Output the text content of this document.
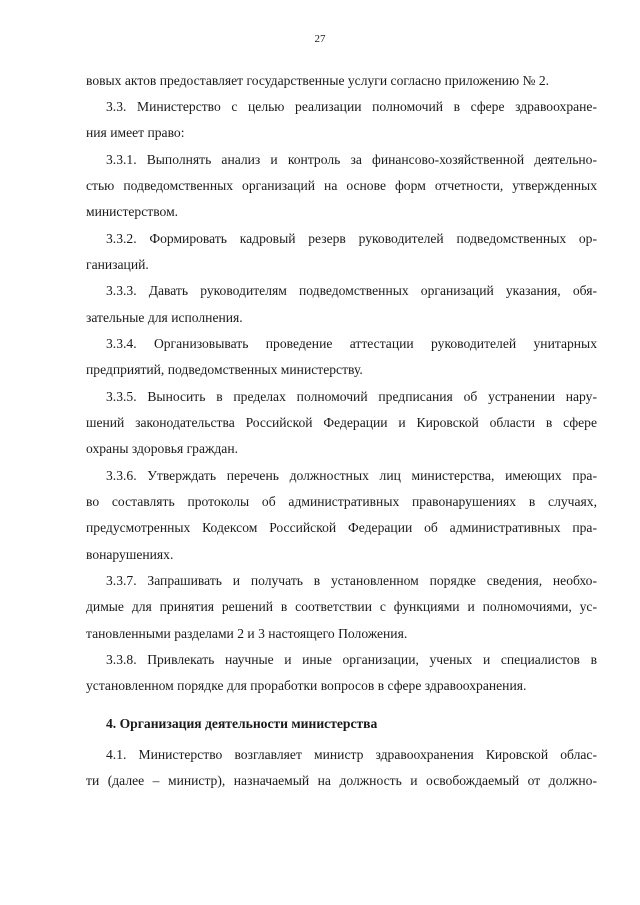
27
вовых актов предоставляет государственные услуги согласно приложению № 2.
3.3. Министерство с целью реализации полномочий в сфере здравоохране-
ния имеет право:
3.3.1. Выполнять анализ и контроль за финансово-хозяйственной деятельно-
стью подведомственных организаций на основе форм отчетности, утвержденных
министерством.
3.3.2. Формировать кадровый резерв руководителей подведомственных ор-
ганизаций.
3.3.3. Давать руководителям подведомственных организаций указания, обя-
зательные для исполнения.
3.3.4. Организовывать проведение аттестации руководителей унитарных
предприятий, подведомственных министерству.
3.3.5. Выносить в пределах полномочий предписания об устранении нару-
шений законодательства Российской Федерации и Кировской области в сфере
охраны здоровья граждан.
3.3.6. Утверждать перечень должностных лиц министерства, имеющих пра-
во составлять протоколы об административных правонарушениях в случаях,
предусмотренных Кодексом Российской Федерации об административных пра-
вонарушениях.
3.3.7. Запрашивать и получать в установленном порядке сведения, необхо-
димые для принятия решений в соответствии с функциями и полномочиями, ус-
тановленными разделами 2 и 3 настоящего Положения.
3.3.8. Привлекать научные и иные организации, ученых и специалистов в
установленном порядке для проработки вопросов в сфере здравоохранения.
4. Организация деятельности министерства
4.1. Министерство возглавляет министр здравоохранения Кировской облас-
ти (далее – министр), назначаемый на должность и освобождаемый от должно-
